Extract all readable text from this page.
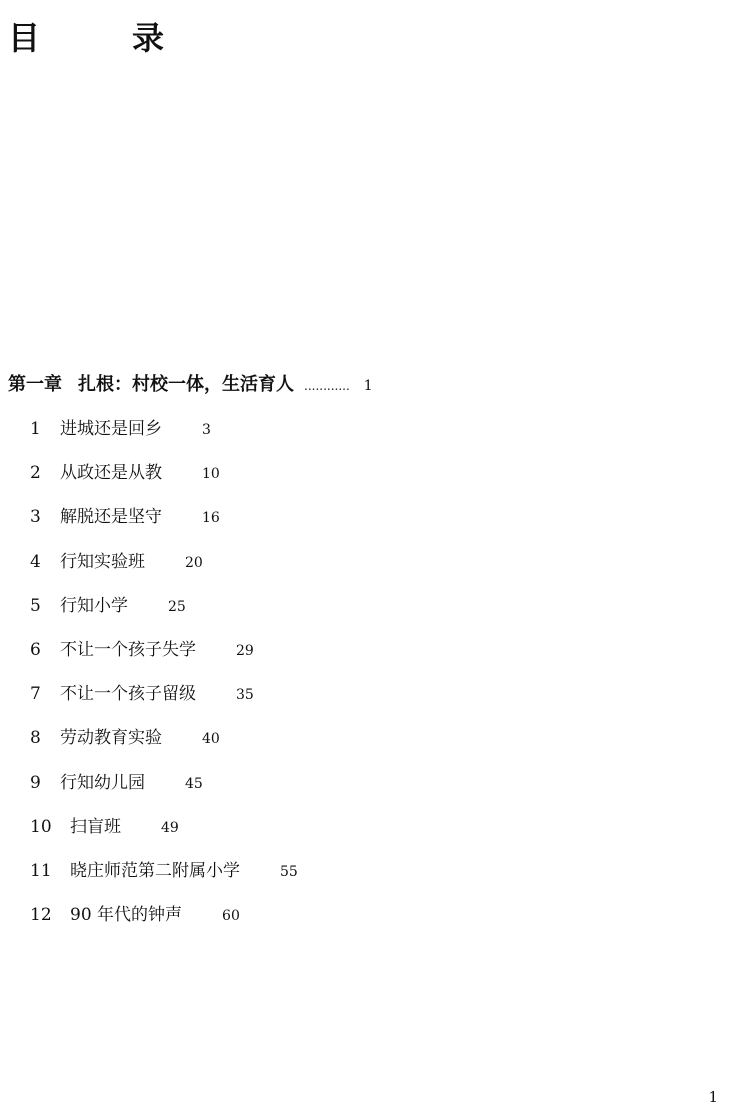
目　录
第一章 扎根：村校一体，生活育人 ............ 1
1	进城还是回乡	3
2	从政还是从教	10
3	解脱还是坚守	16
4	行知实验班	20
5	行知小学	25
6	不让一个孩子失学	29
7	不让一个孩子留级	35
8	劳动教育实验	40
9	行知幼儿园	45
10	扫盲班	49
11	晓庄师范第二附属小学	55
12	90 年代的钟声	60
1
